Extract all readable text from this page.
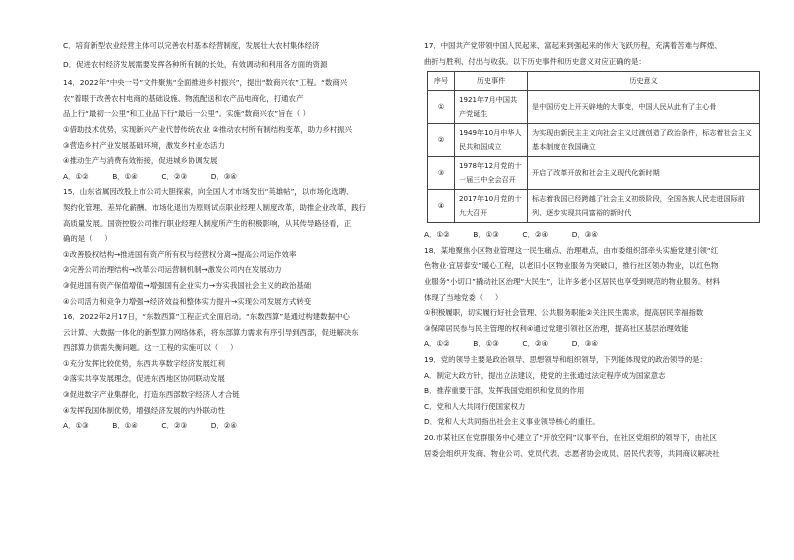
C．培育新型农业经营主体可以完善农村基本经营制度，发展壮大农村集体经济
D．促进农村经济发展需要发挥各种所有制的长处，有效调动和利用各方面的资源
14．2022年“中央一号”文件聚焦“全面推进乡村振兴”，提出“数商兴农”工程。“数商兴
农”着眼于改善农村电商的基础设施、物流配送和农产品电商化，打通农产
品上行“最初一公里”和工业品下行“最后一公里”。实施“数商兴农”旨在（ ）
①借助技术优势，实现新兴产业代替传统农业 ②推动农村所有制结构变革，助力乡村振兴
③营造乡村产业发展基础环境，激发乡村业态活力
④推动生产与消费有效衔接，促进城乡协调发展
A．①②          B．①④          C．②③          D．③④
15．山东省属因改股上市公司大胆探索，向全国人才市场发出“英雄帖”，以市场化选聘、
契约化管理、差异化薪酬、市场化退出为原则试点职业经理人制度改革，助推企业改革，践行
高质量发展。国资控股公司推行职业经理人制度所产生的积极影响，从其传导路径看，正
确的是（     ）
①改善股权结构→推进国有资产所有权与经营权分离→提高公司运作效率
②完善公司治理结构→改革公司运营制机制→激发公司内在发展动力
③促进国有资产保值增值→增强国有企业实力→夯实我国社会主义的政治基础
④公司活力和竞争力增强→经济效益和整体实力提升→实现公司发展方式转变
16．2022年2月17日，“东数西算”工程正式全面启动。“东数西算”是通过构建数据中心
云计算、大数据一体化的新型算力网络体系，将东部算力需求有序引导到西部，促进解决东
西部算力供需失衡问题。这一工程的实施可以（     ）
①充分发挥比较优势，东西共享数字经济发展红利
②落实共享发展理念，促进东西地区协同联动发展
③促进数字产业集群化，打造东西部数字经济人才合链
④发挥我国体制优势，增强经济发展的内外联动性
A．①③          B．①④          C．②③          D．②④
17．中国共产党带领中国人民起来、富起来到强起来的伟大飞跃历程，充满着苦难与辉煌、
曲折与胜利、付出与收获。以下历史事件和历史意义对应正确的是：
序号	历史事件	历史意义
①	1921年7月中国共产党诞生	是中国历史上开天辟地的大事变，中国人民从此有了主心骨
②	1949年10月中华人民共和国成立	为实现由新民主主义向社会主义过渡创造了政治条件，标志着社会主义基本制度在我国确立
③	1978年12月党的十一届三中全会召开	开启了改革开放和社会主义现代化新时期
④	2017年10月党的十九大召开	标志着我国已经跨越了社会主义初级阶段，全国各族人民走进国际前列、逐步实现共同富裕的新时代
A．①②          B．①③          C．②④          D．③④
18．某地聚焦小区物业管理这一民生痛点、治理难点，由市委组织部牵头实施党建引领“红
色物业·宜居泰安”暖心工程，以老旧小区物业服务为突破口，推行社区领办物业，以红色物
业服务“小切口”撬动社区治理“大民生”，让许多老小区居民也享受到规范的物业服务。材料
体现了当地党委（     ）
①积极履职，切实履行好社会管理、公共服务职能②关注民生需求，提高居民幸福指数
③保障居民参与民主管理的权利④通过党建引领社区治理，提高社区基层治理效能
A．①②          B．①③          C．②④          D．③④
19．党的领导主要是政治领导、思想领导和组织领导，下列能体现党的政治领导的是：
A．制定大政方针，提出立法建议，使党的主张通过法定程序成为国家意志
B．推荐重要干部，发挥我国党组织和党员的作用
C．党和人大共同行使国家权力
D．党和人大共同指出社会主义事业领导核心的重任。
20.市某社区在党群服务中心建立了“开放空间”议事平台，在社区党组织的领导下，由社区
居委会组织开发商、物业公司、党员代表、志愿者协会成员、居民代表等，共同商议解决社
